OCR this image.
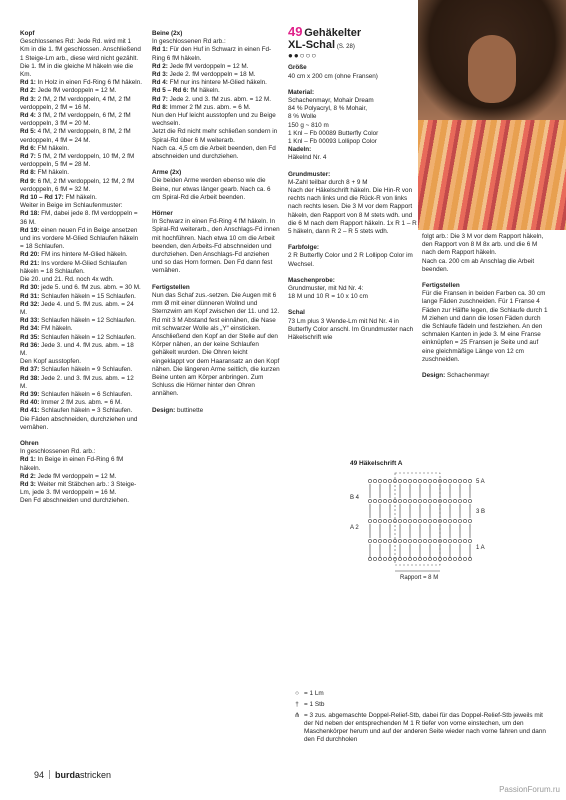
Kopf

Geschlossenes Rd: Jede Rd. wird mit 1 Km in die 1. fM geschlossen. Anschließend 1 Steige-Lm arb., diese wird nicht gezählt. Die 1. fM in die gleiche M häkeln wie die Km.

Rd 1: In Holz in einen Fd-Ring 6 fM häkeln.

Rd 2: Jede fM verdoppeln = 12 M.

Rd 3: 2 fM, 2 fM verdoppeln, 4 fM, 2 fM verdoppeln, 2 fM = 16 M.

Rd 4: 3 fM, 2 fM verdoppeln, 6 fM, 2 fM verdoppeln, 3 fM = 20 M.

Rd 5: 4 fM, 2 fM verdoppeln, 8 fM, 2 fM verdoppeln, 4 fM = 24 M.

Rd 6: FM häkeln.

Rd 7: 5 fM, 2 fM verdoppeln, 10 fM, 2 fM verdoppeln, 5 fM = 28 M.

Rd 8: FM häkeln.

Rd 9: 6 fM, 2 fM verdoppeln, 12 fM, 2 fM verdoppeln, 6 fM = 32 M.

Rd 10 – Rd 17: FM häkeln.

Weiter in Beige im Schlaufenmuster:

Rd 18: FM, dabei jede 8. fM verdoppeln = 36 M.

Rd 19: einen neuen Fd in Beige ansetzen und ins vordere M-Glied Schlaufen häkeln = 18 Schlaufen.

Rd 20: FM ins hintere M-Glied häkeln.

Rd 21: Ins vordere M-Glied Schlaufen häkeln = 18 Schlaufen.

Die 20. und 21. Rd. noch 4x wdh.

Rd 30: jede 5. und 6. fM zus. abm. = 30 M.

Rd 31: Schlaufen häkeln = 15 Schlaufen.

Rd 32: Jede 4. und 5. fM zus. abm. = 24 M.

Rd 33: Schlaufen häkeln = 12 Schlaufen.

Rd 34: FM häkeln.

Rd 35: Schlaufen häkeln = 12 Schlaufen.

Rd 36: Jede 3. und 4. fM zus. abm. = 18 M.

Den Kopf ausstopfen.

Rd 37: Schlaufen häkeln = 9 Schlaufen.

Rd 38: Jede 2. und 3. fM zus. abm. = 12 M.

Rd 39: Schlaufen häkeln = 6 Schlaufen.

Rd 40: Immer 2 fM zus. abm. = 6 M.

Rd 41: Schlaufen häkeln = 3 Schlaufen.

Die Fäden abschneiden, durchziehen und vernähen.

Ohren

In geschlossenen Rd. arb.:

Rd 1: In Beige in einen Fd-Ring 6 fM häkeln.

Rd 2: Jede fM verdoppeln = 12 M.

Rd 3: Weiter mit Stäbchen arb.: 3 Steige-Lm, jede 3. fM verdoppeln = 16 M.

Den Fd abschneiden und durchziehen.

Beine (2x)

In geschlossenen Rd arb.:

Rd 1: Für den Huf in Schwarz in einen Fd-Ring 6 fM häkeln.

Rd 2: Jede fM verdoppeln = 12 M.

Rd 3: Jede 2. fM verdoppeln = 18 M.

Rd 4: FM nur ins hintere M-Glied häkeln.

Rd 5 – Rd 6: fM häkeln.

Rd 7: Jede 2. und 3. fM zus. abm. = 12 M.

Rd 8: Immer 2 fM zus. abm. = 6 M.

Nun den Huf leicht ausstopfen und zu Beige wechseln.

Jetzt die Rd nicht mehr schließen sondern in Spiral-Rd über 6 M weiterarb.

Nach ca. 4,5 cm die Arbeit beenden, den Fd abschneiden und durchziehen.

Arme (2x)

Die beiden Arme werden ebenso wie die Beine, nur etwas länger gearb. Nach ca. 6 cm Spiral-Rd die Arbeit beenden.

Hörner

In Schwarz in einen Fd-Ring 4 fM häkeln. In Spiral-Rd weiterarb., den Anschlags-Fd innen mit hochführen. Nach etwa 10 cm die Arbeit beenden, den Arbeits-Fd abschneiden und durchziehen. Den Anschlags-Fd anziehen und so das Horn formen. Den Fd dann fest vernähen.

Fertigstellen

Nun das Schaf zus.-setzen. Die Augen mit 6 mm Ø mit einer dünneren Wollnd und Sternzwirn am Kopf zwischen der 11. und 12. Rd mit 3 M Abstand fest einnähen, die Nase mit schwarzer Wolle als „Y“ einsticken. Anschließend den Kopf an der Stelle auf den Körper nähen, an der keine Schlaufen gehäkelt wurden. Die Ohren leicht eingeklappt vor dem Haaransatz an den Kopf nähen. Die längeren Arme seitlich, die kurzen Beine unten am Körper anbringen. Zum Schluss die Hörner hinter den Ohren annähen.

Design: buttinette

49 Gehäkelter
XL-Schal (S. 28)
●●○○○

Größe

40 cm x 200 cm (ohne Fransen)

Material:

Schachenmayr, Mohair Dream

84 % Polyacryl, 8 % Mohair,

8 % Wolle

150 g ~ 810 m

1 Knl – Fb 00089 Butterfly Color

1 Knl – Fb 00093 Lollipop Color

Nadeln:

Häkelnd Nr. 4

Grundmuster:

M-Zahl teilbar durch 8 + 9 M

Nach der Häkelschrift häkeln. Die Hin-R von rechts nach links und die Rück-R von links nach rechts lesen. Die 3 M vor dem Rapport häkeln, den Rapport von 8 M stets wdh. und die 6 M nach dem Rapport häkeln. 1x R 1 – R 5 häkeln, dann R 2 – R 5 stets wdh.

Farbfolge:

2 R Butterfly Color und 2 R Lollipop Color im Wechsel.

Maschenprobe:

Grundmuster, mit Nd Nr. 4:

18 M und 10 R = 10 x 10 cm

Schal

73 Lm plus 3 Wende-Lm mit Nd Nr. 4 in Butterfly Color anschl. Im Grundmuster nach Häkelschrift wie

folgt arb.: Die 3 M vor dem Rapport häkeln, den Rapport von 8 M 8x arb. und die 6 M nach dem Rapport häkeln.

Nach ca. 200 cm ab Anschlag die Arbeit beenden.

Fertigstellen

Für die Fransen in beiden Farben ca. 30 cm lange Fäden zuschneiden. Für 1 Franse 4 Fäden zur Hälfte legen, die Schlaufe durch 1 M ziehen und dann die losen Fäden durch die Schlaufe fädeln und festziehen. An den schmalen Kanten in jede 3. M eine Franse einknüpfen = 25 Fransen je Seite und auf eine gleichmäßige Länge von 12 cm zuschneiden.

Design: Schachenmayr

49 Häkelschrift A
5 A
3 B
1 A
B 4
A 2
Rapport = 8 M
○ = 1 Lm
† = 1 Stb
⋔ = 3 zus. abgemaschte Doppel-Relief-Stb, dabei für das Doppel-Relief-Stb jeweils mit der Nd neben der entsprechenden M 1 R tiefer von vorne einstechen, um den Maschenkörper herum und auf der anderen Seite wieder nach vorne fahren und dann den Fd durchholen
94 burdastricken
PassionForum.ru
